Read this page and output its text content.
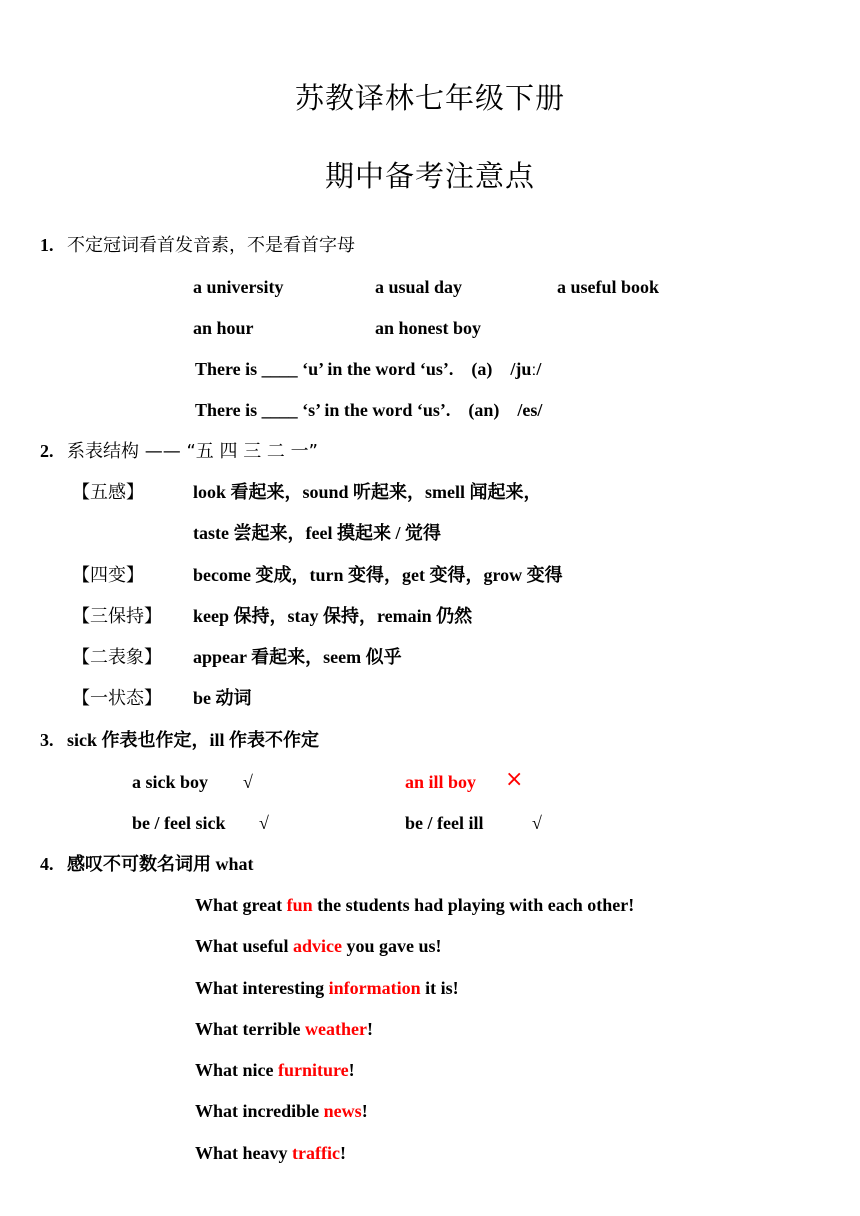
苏教译林七年级下册
期中备考注意点
1. 不定冠词看首发音素，不是看首字母
a university	a usual day	a useful book
an hour	an honest boy
There is ____ ‘u’ in the word ‘us’. (a) /juː/
There is ____ ‘s’ in the word ‘us’. (an) /es/
2. 系表结构 —— “五 四 三 二 一”
【五感】	look 看起来，sound 听起来，smell 闻起来，
taste 尝起来，feel 摸起来 / 觉得
【四变】	become 变成，turn 变得，get 变得，grow 变得
【三保持】 keep 保持，stay 保持，remain 仍然
【二表象】 appear 看起来，seem 似乎
【一状态】 be 动词
3. sick 作表也作定，ill 作表不作定
a sick boy √	an ill boy ×
be / feel sick √	be / feel ill	√
4. 感叹不可数名词用 what
What great fun the students had playing with each other!
What useful advice you gave us!
What interesting information it is!
What terrible weather!
What nice furniture!
What incredible news!
What heavy traffic!
